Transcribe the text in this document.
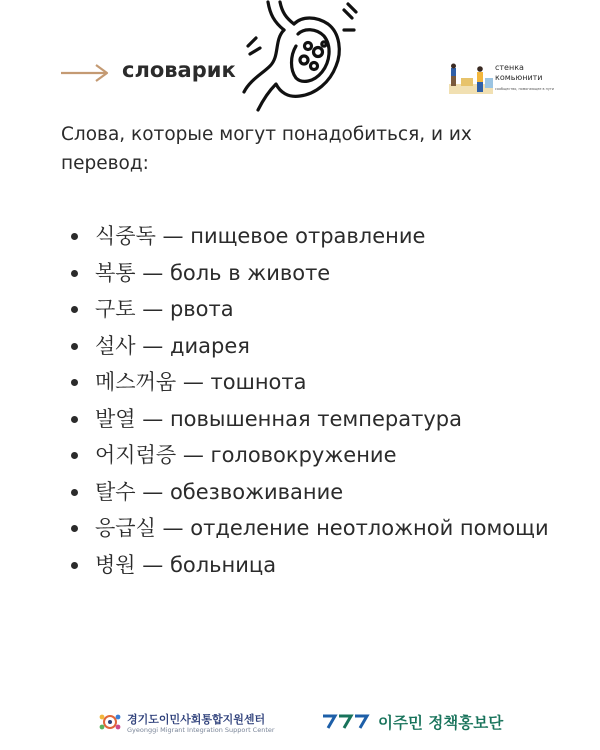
словарик	стенка
комьюнити
сообщество, помогающее в пути
Слова, которые могут понадобиться, и их перевод:
식중독 — пищевое отравление
복통 — боль в животе
구토 — рвота
설사 — диарея
메스꺼움 — тошнота
발열 — повышенная температура
어지럼증 — головокружение
탈수 — обезвоживание
응급실 — отделение неотложной помощи
병원 — больница
경기도이민사회통합지원센터
Gyeonggi Migrant Integration Support Center	이주민 정책홍보단
